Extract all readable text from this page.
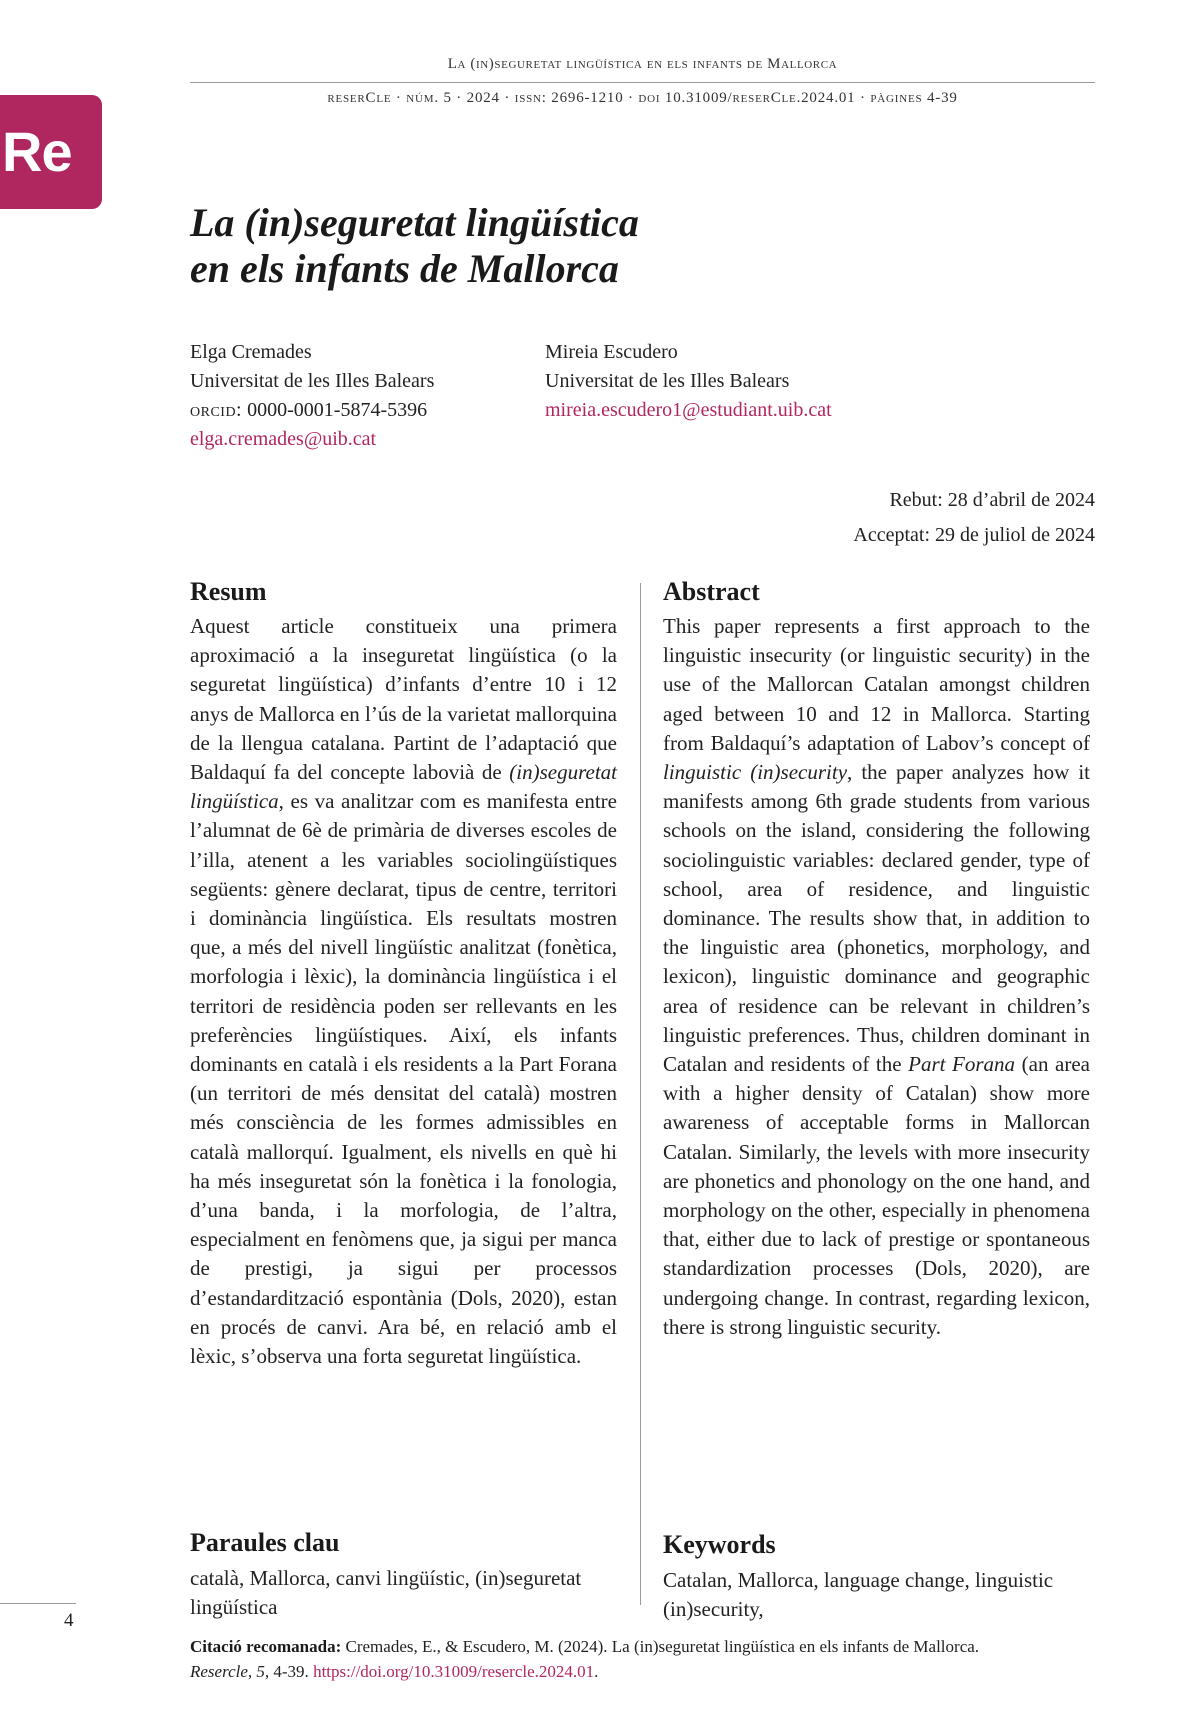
La (in)seguretat lingüística en els infants de Mallorca
reserCle · núm. 5 · 2024 · issn: 2696-1210 · doi 10.31009/reserCle.2024.01 · pàgines 4-39
Re
La (in)seguretat lingüística
en els infants de Mallorca
Elga Cremades
Universitat de les Illes Balears
orcid: 0000-0001-5874-5396
elga.cremades@uib.cat
Mireia Escudero
Universitat de les Illes Balears
mireia.escudero1@estudiant.uib.cat
Rebut: 28 d’abril de 2024
Acceptat: 29 de juliol de 2024
Resum

Aquest article constitueix una primera aproximació a la inseguretat lingüística (o la seguretat lingüística) d’infants d’entre 10 i 12 anys de Mallorca en l’ús de la varietat mallorquina de la llengua catalana. Partint de l’adaptació que Baldaquí fa del concepte labovià de (in)seguretat lingüística, es va analitzar com es manifesta entre l’alumnat de 6è de primària de diverses escoles de l’illa, atenent a les variables sociolingüístiques següents: gènere declarat, tipus de centre, territori i dominància lingüística. Els resultats mostren que, a més del nivell lingüístic analitzat (fonètica, morfologia i lèxic), la dominància lingüística i el territori de residència poden ser rellevants en les preferències lingüístiques. Així, els infants dominants en català i els residents a la Part Forana (un territori de més densitat del català) mostren més consciència de les formes admissibles en català mallorquí. Igualment, els nivells en què hi ha més inseguretat són la fonètica i la fonologia, d’una banda, i la morfologia, de l’altra, especialment en fenòmens que, ja sigui per manca de prestigi, ja sigui per processos d’estandardització espontània (Dols, 2020), estan en procés de canvi. Ara bé, en relació amb el lèxic, s’observa una forta seguretat lingüística.

Paraules clau
català, Mallorca, canvi lingüístic, (in)seguretat lingüística
Abstract

This paper represents a first approach to the linguistic insecurity (or linguistic security) in the use of the Mallorcan Catalan amongst children aged between 10 and 12 in Mallorca. Starting from Baldaquí’s adaptation of Labov’s concept of linguistic (in)security, the paper analyzes how it manifests among 6th grade students from various schools on the island, considering the following sociolinguistic variables: declared gender, type of school, area of residence, and linguistic dominance. The results show that, in addition to the linguistic area (phonetics, morphology, and lexicon), linguistic dominance and geographic area of residence can be relevant in children’s linguistic preferences. Thus, children dominant in Catalan and residents of the Part Forana (an area with a higher density of Catalan) show more awareness of acceptable forms in Mallorcan Catalan. Similarly, the levels with more insecurity are phonetics and phonology on the one hand, and morphology on the other, especially in phenomena that, either due to lack of prestige or spontaneous standardization processes (Dols, 2020), are undergoing change. In contrast, regarding lexicon, there is strong linguistic security.

Keywords
Catalan, Mallorca, language change, linguistic (in)security,
4
Citació recomanada: Cremades, E., & Escudero, M. (2024). La (in)seguretat lingüística en els infants de Mallorca.
Resercle, 5, 4-39. https://doi.org/10.31009/resercle.2024.01.
